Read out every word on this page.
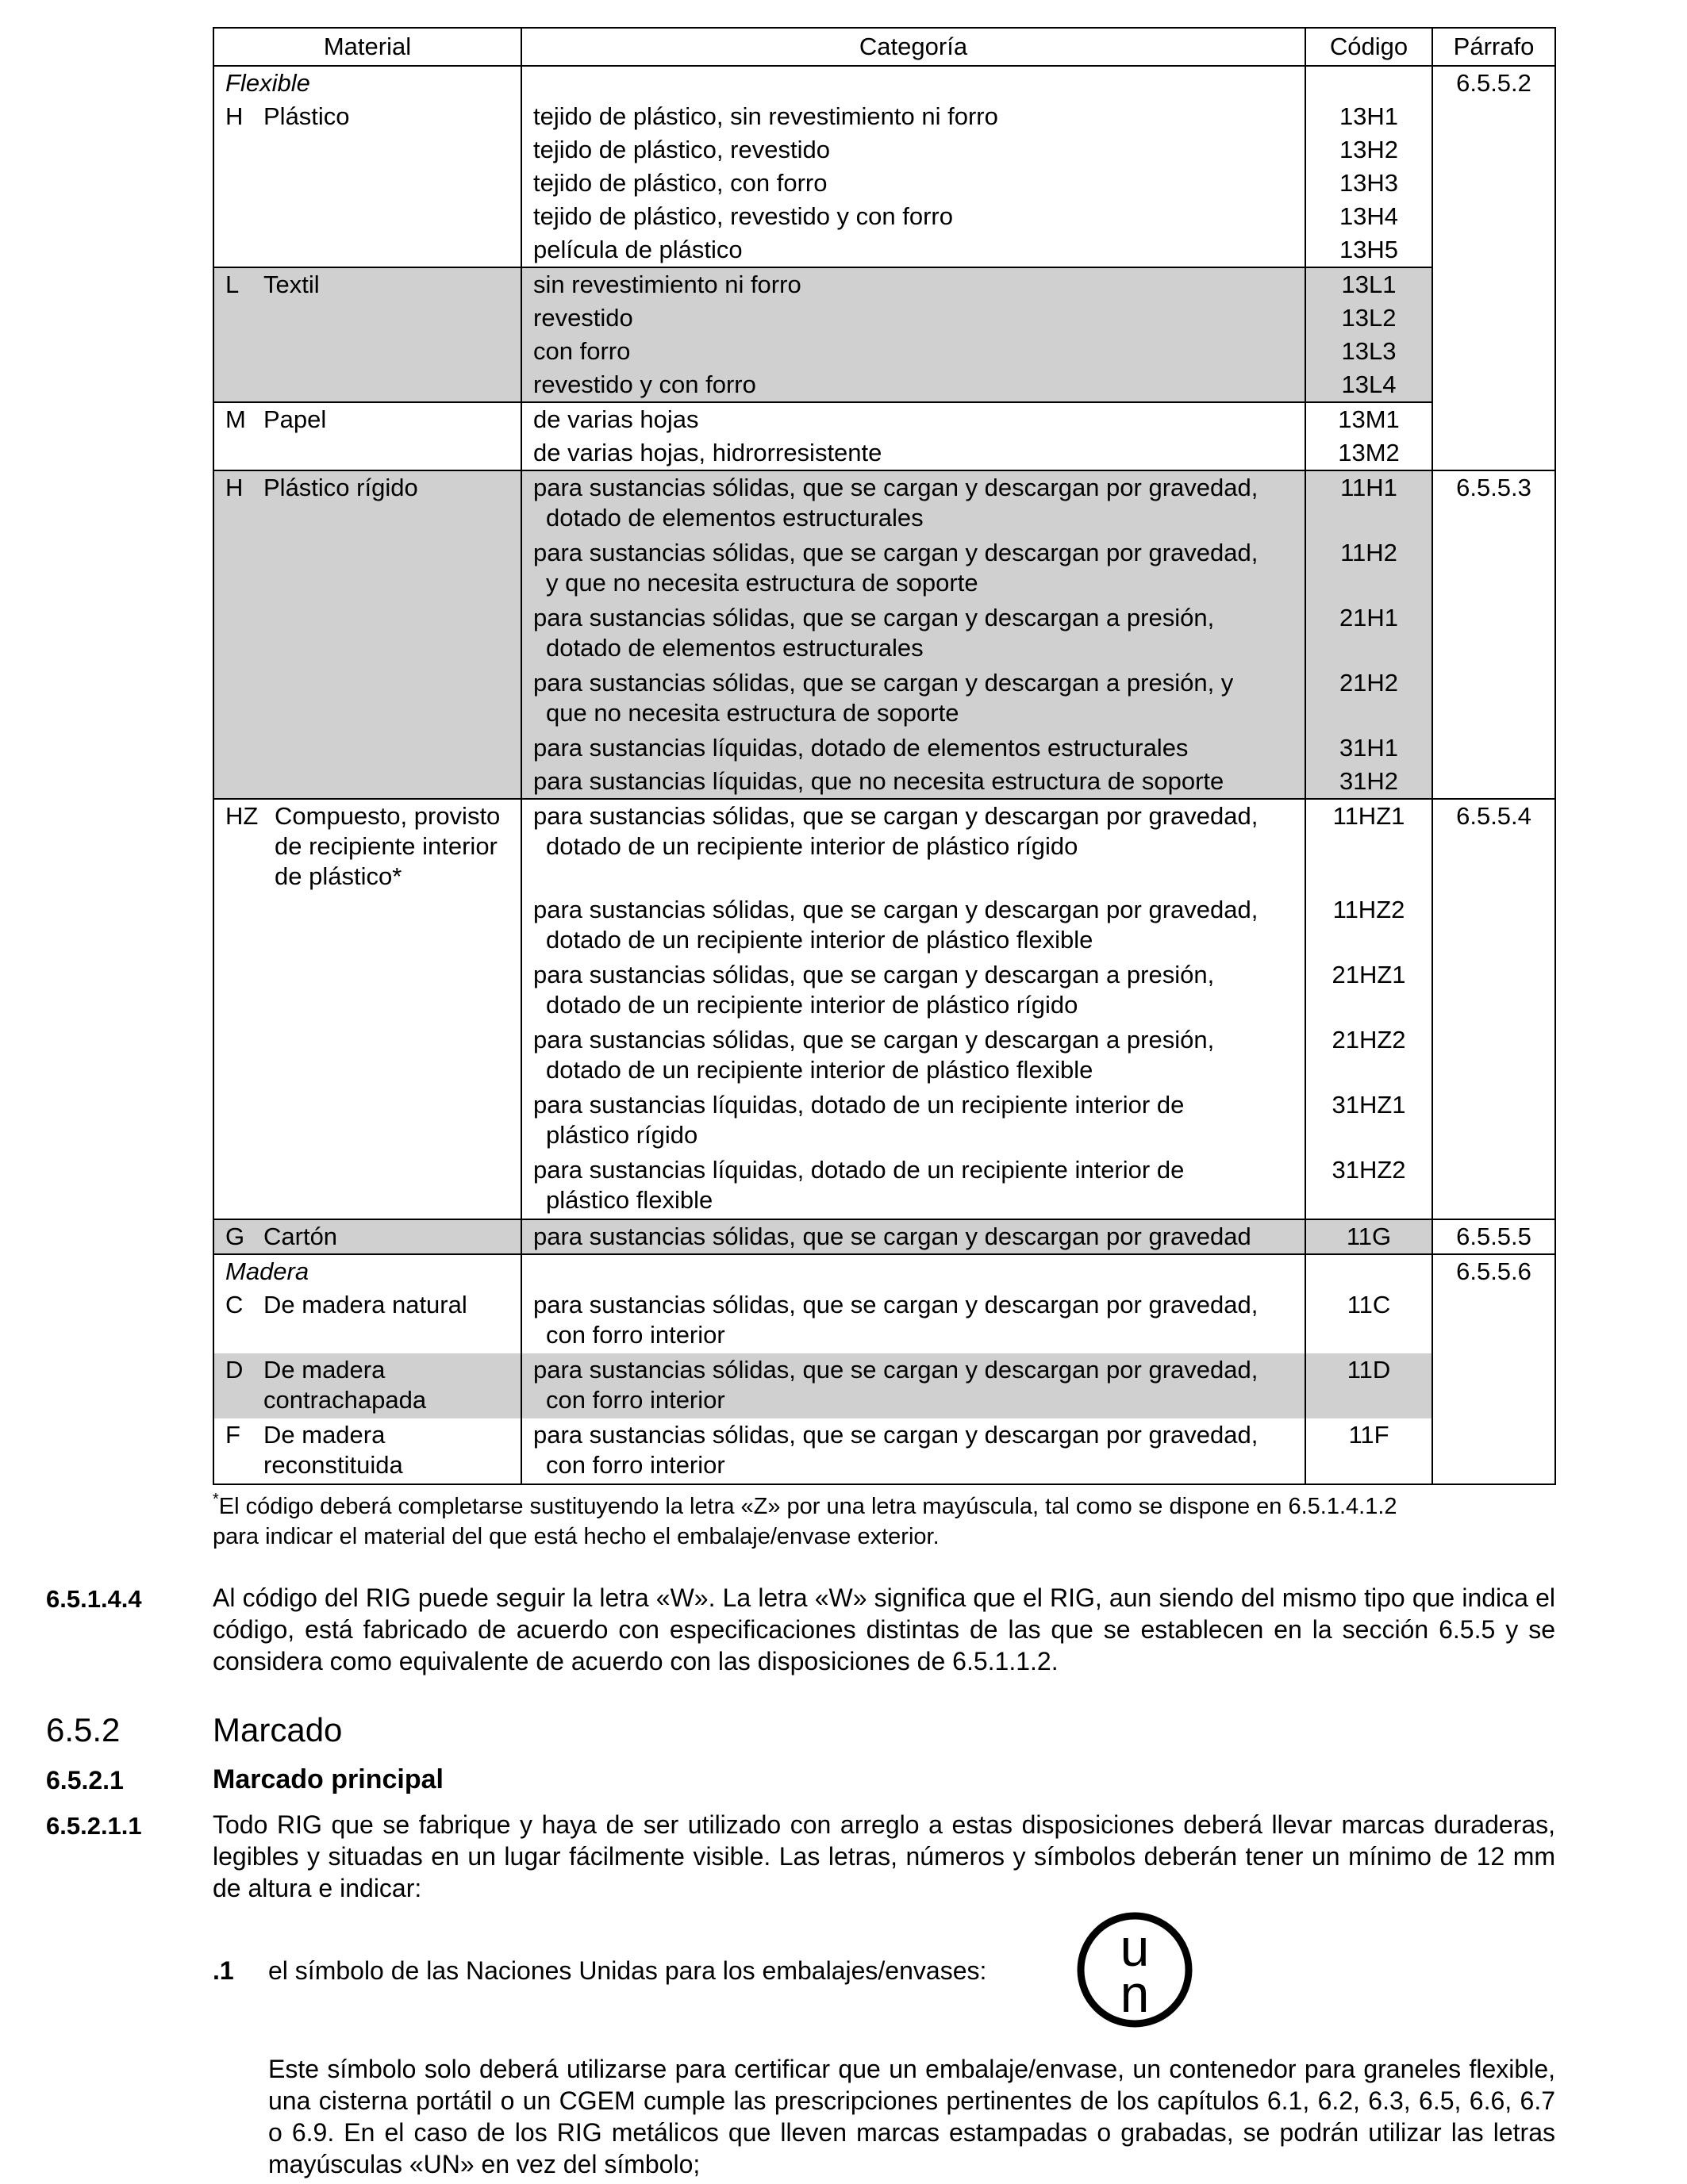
Material	Categoría	Código	Párrafo

Flexible			6.5.5.2
H Plástico	tejido de plástico, sin revestimiento ni forro	13H1	

	tejido de plástico, revestido	13H2	

	tejido de plástico, con forro	13H3	

	tejido de plástico, revestido y con forro	13H4	

	película de plástico	13H5	
L Textil	sin revestimiento ni forro	13L1	

	revestido	13L2	

	con forro	13L3	

	revestido y con forro	13L4	
M Papel	de varias hojas	13M1	

	de varias hojas, hidrorresistente	13M2	
H Plástico rígido	para sustancias sólidas, que se cargan y descargan por gravedad,
dotado de elementos estructurales	11H1	6.5.5.3

	para sustancias sólidas, que se cargan y descargan por gravedad,
y que no necesita estructura de soporte	11H2	

	para sustancias sólidas, que se cargan y descargan a presión,
dotado de elementos estructurales	21H1	

	para sustancias sólidas, que se cargan y descargan a presión, y
que no necesita estructura de soporte	21H2	

	para sustancias líquidas, dotado de elementos estructurales	31H1	

	para sustancias líquidas, que no necesita estructura de soporte	31H2	
HZ Compuesto, provisto
de recipiente interior
de plástico*	para sustancias sólidas, que se cargan y descargan por gravedad,
dotado de un recipiente interior de plástico rígido	11HZ1	6.5.5.4

	para sustancias sólidas, que se cargan y descargan por gravedad,
dotado de un recipiente interior de plástico flexible	11HZ2	

	para sustancias sólidas, que se cargan y descargan a presión,
dotado de un recipiente interior de plástico rígido	21HZ1	

	para sustancias sólidas, que se cargan y descargan a presión,
dotado de un recipiente interior de plástico flexible	21HZ2	

	para sustancias líquidas, dotado de un recipiente interior de
plástico rígido	31HZ1	

	para sustancias líquidas, dotado de un recipiente interior de
plástico flexible	31HZ2	
G Cartón	para sustancias sólidas, que se cargan y descargan por gravedad	11G	6.5.5.5

Madera			6.5.5.6
C De madera natural	para sustancias sólidas, que se cargan y descargan por gravedad,
con forro interior	11C	
D De madera
contrachapada	para sustancias sólidas, que se cargan y descargan por gravedad,
con forro interior	11D	
F De madera
reconstituida	para sustancias sólidas, que se cargan y descargan por gravedad,
con forro interior	11F	
*El código deberá completarse sustituyendo la letra «Z» por una letra mayúscula, tal como se dispone en 6.5.1.4.1.2
para indicar el material del que está hecho el embalaje/envase exterior.
6.5.1.4.4	Al código del RIG puede seguir la letra «W». La letra «W» significa que el RIG, aun siendo del mismo tipo que indica el código, está fabricado de acuerdo con especificaciones distintas de las que se establecen en la sección 6.5.5 y se considera como equivalente de acuerdo con las disposiciones de 6.5.1.1.2.
6.5.2	Marcado
6.5.2.1	Marcado principal
6.5.2.1.1	Todo RIG que se fabrique y haya de ser utilizado con arreglo a estas disposiciones deberá llevar marcas duraderas, legibles y situadas en un lugar fácilmente visible. Las letras, números y símbolos deberán tener un mínimo de 12 mm de altura e indicar:
.1 el símbolo de las Naciones Unidas para los embalajes/envases:	u
n
Este símbolo solo deberá utilizarse para certificar que un embalaje/envase, un contenedor para graneles flexible, una cisterna portátil o un CGEM cumple las prescripciones pertinentes de los capítulos 6.1, 6.2, 6.3, 6.5, 6.6, 6.7 o 6.9. En el caso de los RIG metálicos que lleven marcas estampadas o grabadas, se podrán utilizar las letras mayúsculas «UN» en vez del símbolo;
